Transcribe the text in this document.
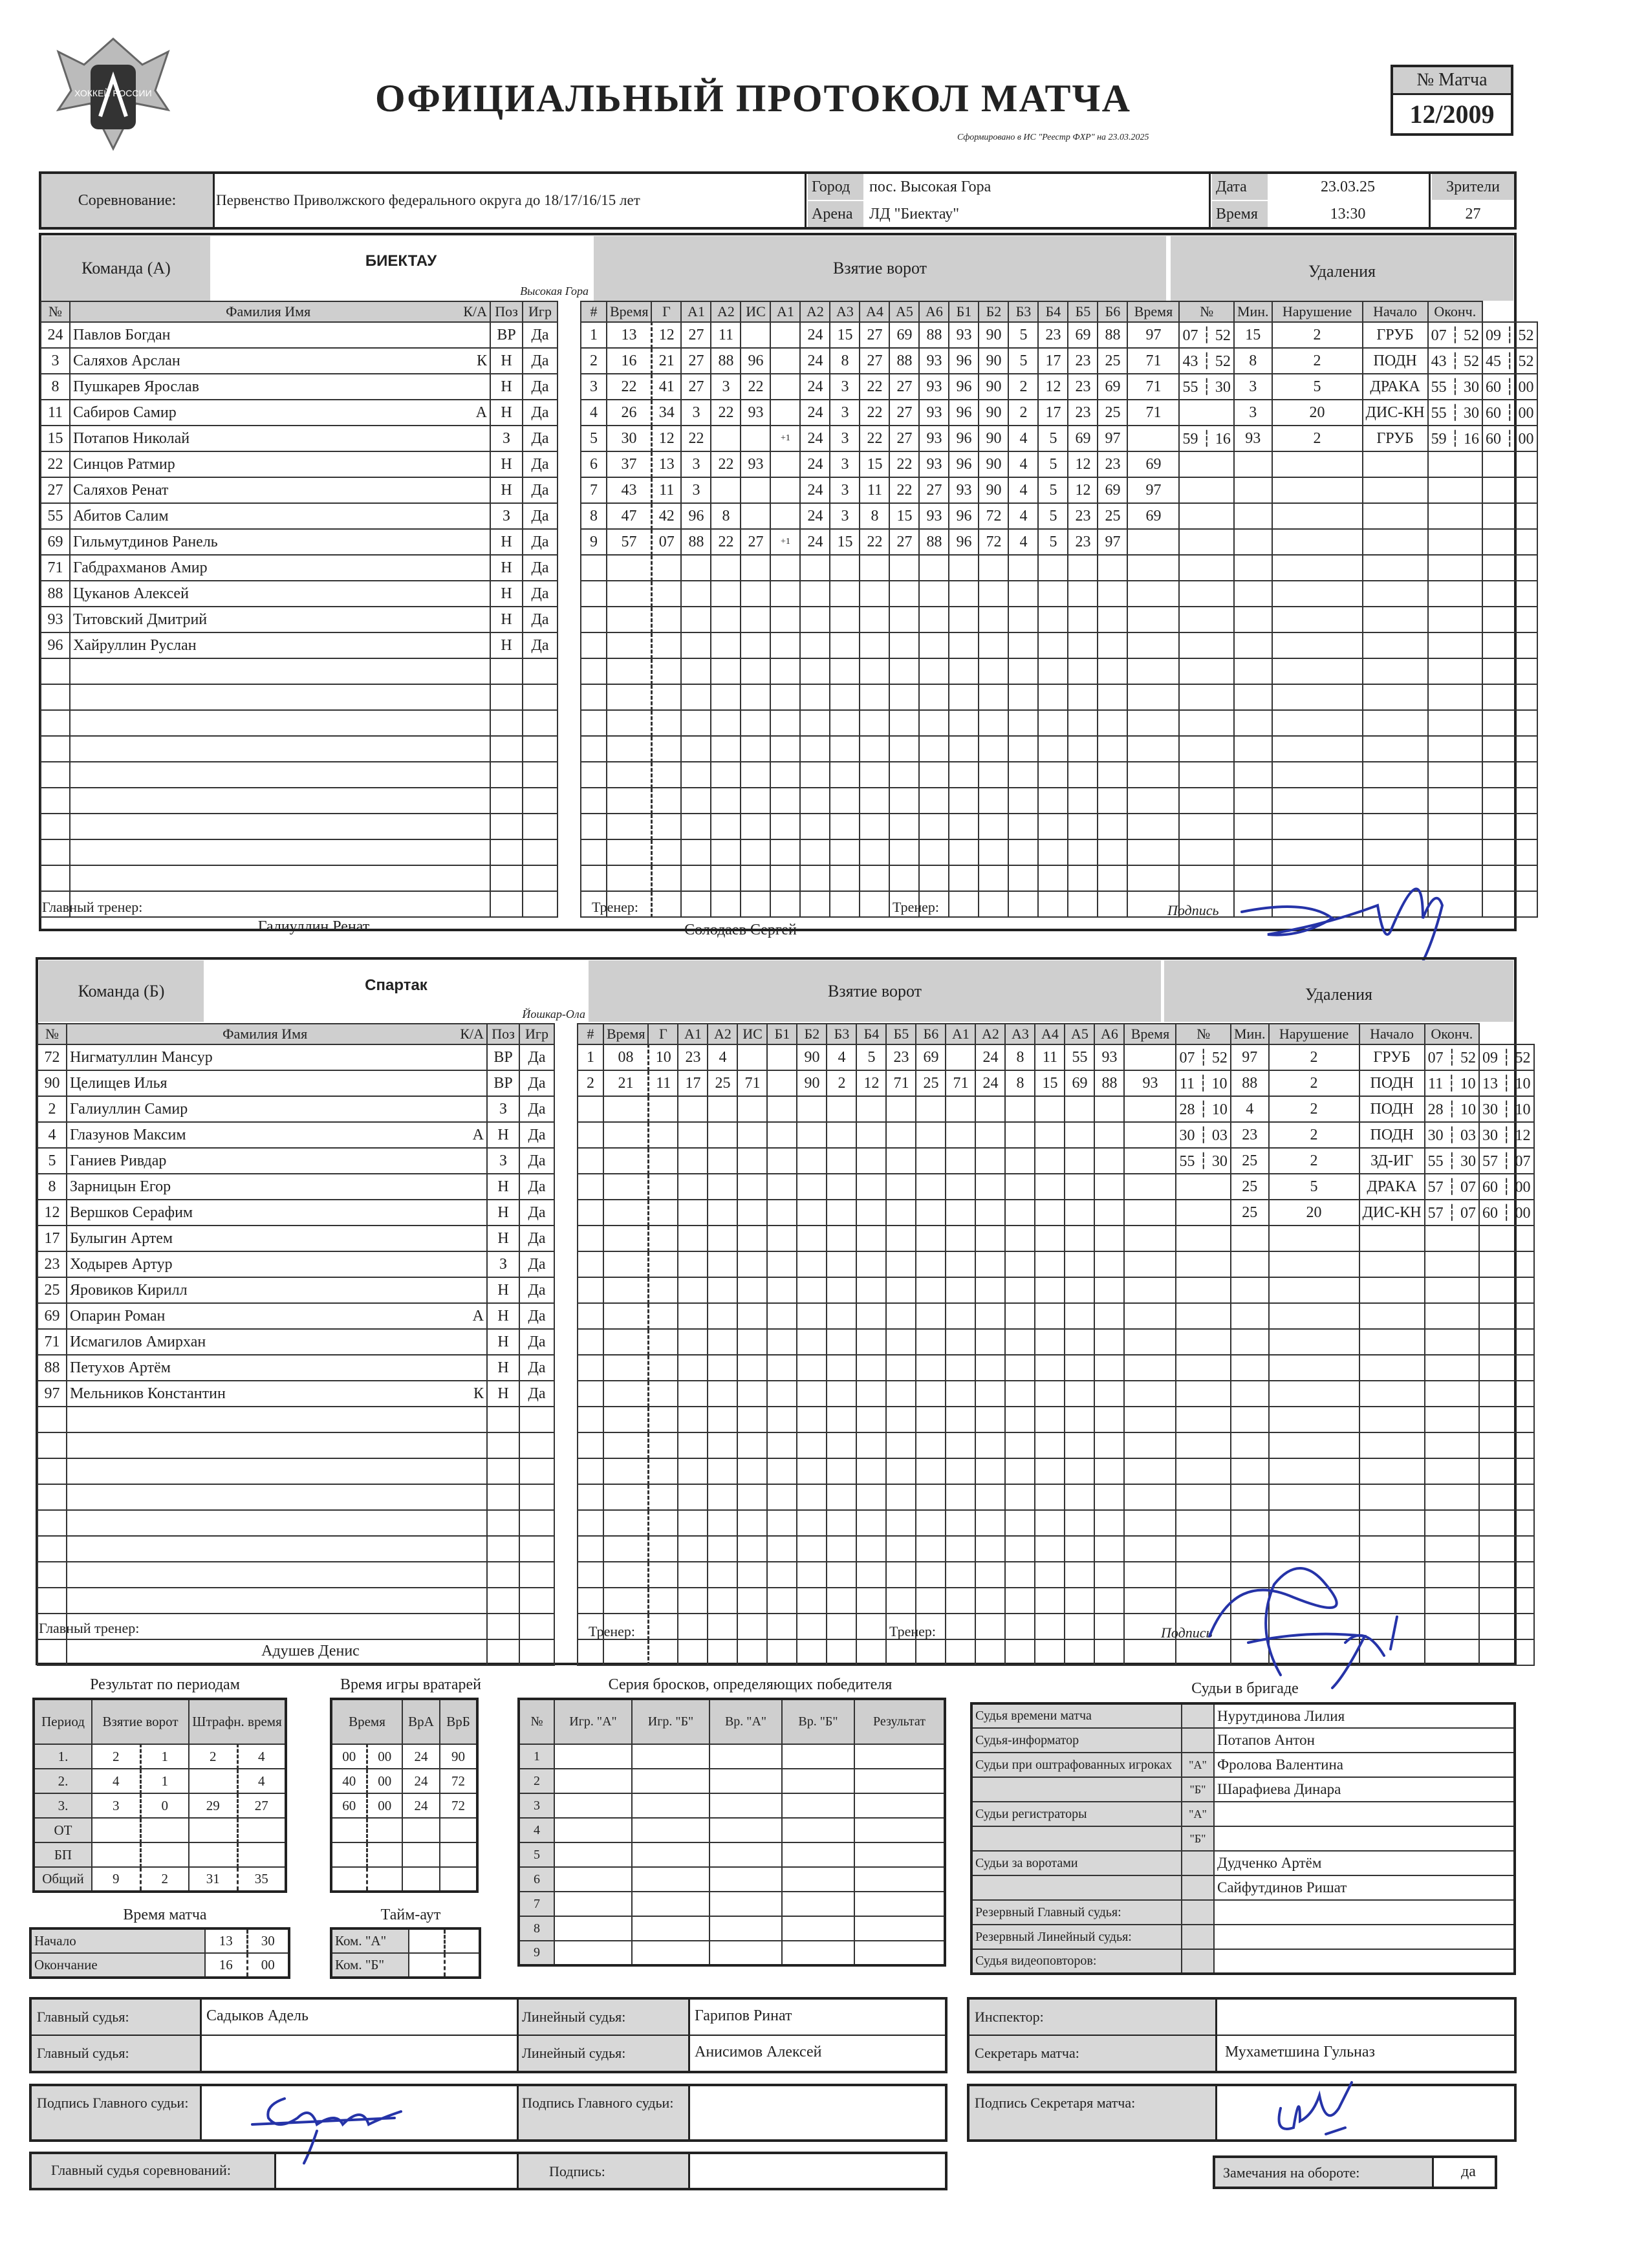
ХОККЕЙ РОССИИ	ОФИЦИАЛЬНЫЙ ПРОТОКОЛ МАТЧА
Сформировано в ИС "Реестр ФХР" на 23.03.2025
№ Матча
12/2009
Соревнование:	Первенство Приволжского федерального округа до 18/17/16/15 лет
Город	пос. Высокая Гора
Арена	ЛД "Биектау"
Дата	23.03.25
Время	13:30
Зрители
27
Команда (А)	БИЕКТАУ
Высокая Гора
Взятие ворот	Удаления
№	Фамилия Имя К/А	Поз	Игр		#	Время	Г	А1	А2	ИС	А1	А2	А3	А4	А5	А6	Б1	Б2	Б3	Б4	Б5	Б6	Время	№	Мин.	Нарушение	Начало	Оконч.	
24	Павлов Богдан	ВР	Да		1	13	12	27	11			24	15	27	69	88	93	90	5	23	69	88	97	07 ┆ 52	15	2	ГРУБ	07 ┆ 52	09 ┆ 52
3	Саляхов Арслан К	Н	Да		2	16	21	27	88	96		24	8	27	88	93	96	90	5	17	23	25	71	43 ┆ 52	8	2	ПОДН	43 ┆ 52	45 ┆ 52
8	Пушкарев Ярослав	Н	Да		3	22	41	27	3	22		24	3	22	27	93	96	90	2	12	23	69	71	55 ┆ 30	3	5	ДРАКА	55 ┆ 30	60 ┆ 00
11	Сабиров Самир А	Н	Да		4	26	34	3	22	93		24	3	22	27	93	96	90	2	17	23	25	71		3	20	ДИС-КН	55 ┆ 30	60 ┆ 00
15	Потапов Николай	З	Да		5	30	12	22			+1	24	3	22	27	93	96	90	4	5	69	97		59 ┆ 16	93	2	ГРУБ	59 ┆ 16	60 ┆ 00
22	Синцов Ратмир	Н	Да		6	37	13	3	22	93		24	3	15	22	93	96	90	4	5	12	23	69						
27	Саляхов Ренат	Н	Да		7	43	11	3				24	3	11	22	27	93	90	4	5	12	69	97						
55	Абитов Салим	З	Да		8	47	42	96	8			24	3	8	15	93	96	72	4	5	23	25	69						
69	Гильмутдинов Ранель	Н	Да		9	57	07	88	22	27	+1	24	15	22	27	88	96	72	4	5	23	97							
71	Габдрахманов Амир	Н	Да																										
88	Цуканов Алексей	Н	Да																										
93	Титовский Дмитрий	Н	Да																										
96	Хайруллин Руслан	Н	Да																										

Главный тренер:
Галиуллин Ренат
Тренер:
Солодаев Сергей
Тренер:	Подпись
Команда (Б)	Спартак
Йошкар-Ола
Взятие ворот	Удаления
№	Фамилия Имя К/А	Поз	Игр		#	Время	Г	А1	А2	ИС	Б1	Б2	Б3	Б4	Б5	Б6	А1	А2	А3	А4	А5	А6	Время	№	Мин.	Нарушение	Начало	Оконч.	
72	Нигматуллин Мансур	ВР	Да		1	08	10	23	4			90	4	5	23	69		24	8	11	55	93		07 ┆ 52	97	2	ГРУБ	07 ┆ 52	09 ┆ 52
90	Целищев Илья	ВР	Да		2	21	11	17	25	71		90	2	12	71	25	71	24	8	15	69	88	93	11 ┆ 10	88	2	ПОДН	11 ┆ 10	13 ┆ 10
2	Галиуллин Самир	З	Да																					28 ┆ 10	4	2	ПОДН	28 ┆ 10	30 ┆ 10
4	Глазунов Максим А	Н	Да																					30 ┆ 03	23	2	ПОДН	30 ┆ 03	30 ┆ 12
5	Ганиев Ривдар	З	Да																					55 ┆ 30	25	2	ЗД-ИГ	55 ┆ 30	57 ┆ 07
8	Зарницын Егор	Н	Да																						25	5	ДРАКА	57 ┆ 07	60 ┆ 00
12	Вершков Серафим	Н	Да																						25	20	ДИС-КН	57 ┆ 07	60 ┆ 00
17	Булыгин Артем	Н	Да																										
23	Ходырев Артур	З	Да																										
25	Яровиков Кирилл	Н	Да																										
69	Опарин Роман А	Н	Да																										
71	Исмагилов Амирхан	Н	Да																										
88	Петухов Артём	Н	Да																										
97	Мельников Константин К	Н	Да																										

Главный тренер:
Адушев Денис
Тренер:	Тренер:	Подпись
Результат по периодам
Период	Взятие ворот		Штрафн. время	
1.	2	1	2	4
2.	4	1		4
3.	3	0	29	27
ОТ				
БП				
Общий	9	2	31	35
Время игры вратарей
Время		ВрА	ВрБ
00	00	24	90
40	00	24	72
60	00	24	72

Серия бросков, определяющих победителя
№	Игр. "А"	Игр. "Б"	Вр. "А"	Вр. "Б"	Результат
1					
2					
3					
4					
5					
6					
7					
8					
9					
Время матча
Начало	13	30
Окончание	16	00
Тайм-аут
Ком. "А"		
Ком. "Б"		
Судьи в бригаде
Судья времени матча		Нурутдинова Лилия
Судья-информатор		Потапов Антон
Судьи при оштрафованных игроках	"А"	Фролова Валентина
	"Б"	Шарафиева Динара
Судьи регистраторы	"А"	
	"Б"	
Судьи за воротами		Дудченко Артём
		Сайфутдинов Ришат
Резервный Главный судья:		
Резервный Линейный судья:		
Судья видеоповторов:		
Главный судья:	Садыков Адель
Главный судья:
Линейный судья:	Гарипов Ринат
Линейный судья:	Анисимов Алексей
Инспектор:
Секретарь матча:	Мухаметшина Гульназ
Подпись Главного судьи:	Подпись Главного судьи:	Подпись Секретаря матча:
Главный судья соревнований:	Подпись:	Замечания на обороте:	да
